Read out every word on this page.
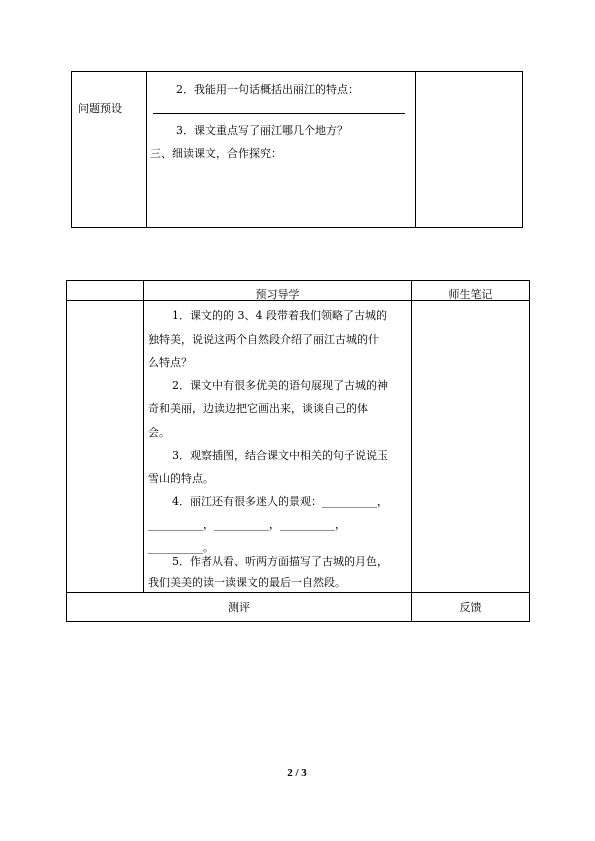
问题预设
2．我能用一句话概括出丽江的特点：
3．课文重点写了丽江哪几个地方？
三、细读课文，合作探究：
预习导学	师生笔记
1．课文的的 3、4 段带着我们领略了古城的
独特美，说说这两个自然段介绍了丽江古城的什
么特点？
2．课文中有很多优美的语句展现了古城的神
奇和美丽，边读边把它画出来，谈谈自己的体
会。
3．观察插图，结合课文中相关的句子说说玉
雪山的特点。
4．丽江还有很多迷人的景观：__________，
__________，__________，__________，
__________。
5．作者从看、听两方面描写了古城的月色，
我们美美的读一读课文的最后一自然段。
测评	反馈
2 / 3
